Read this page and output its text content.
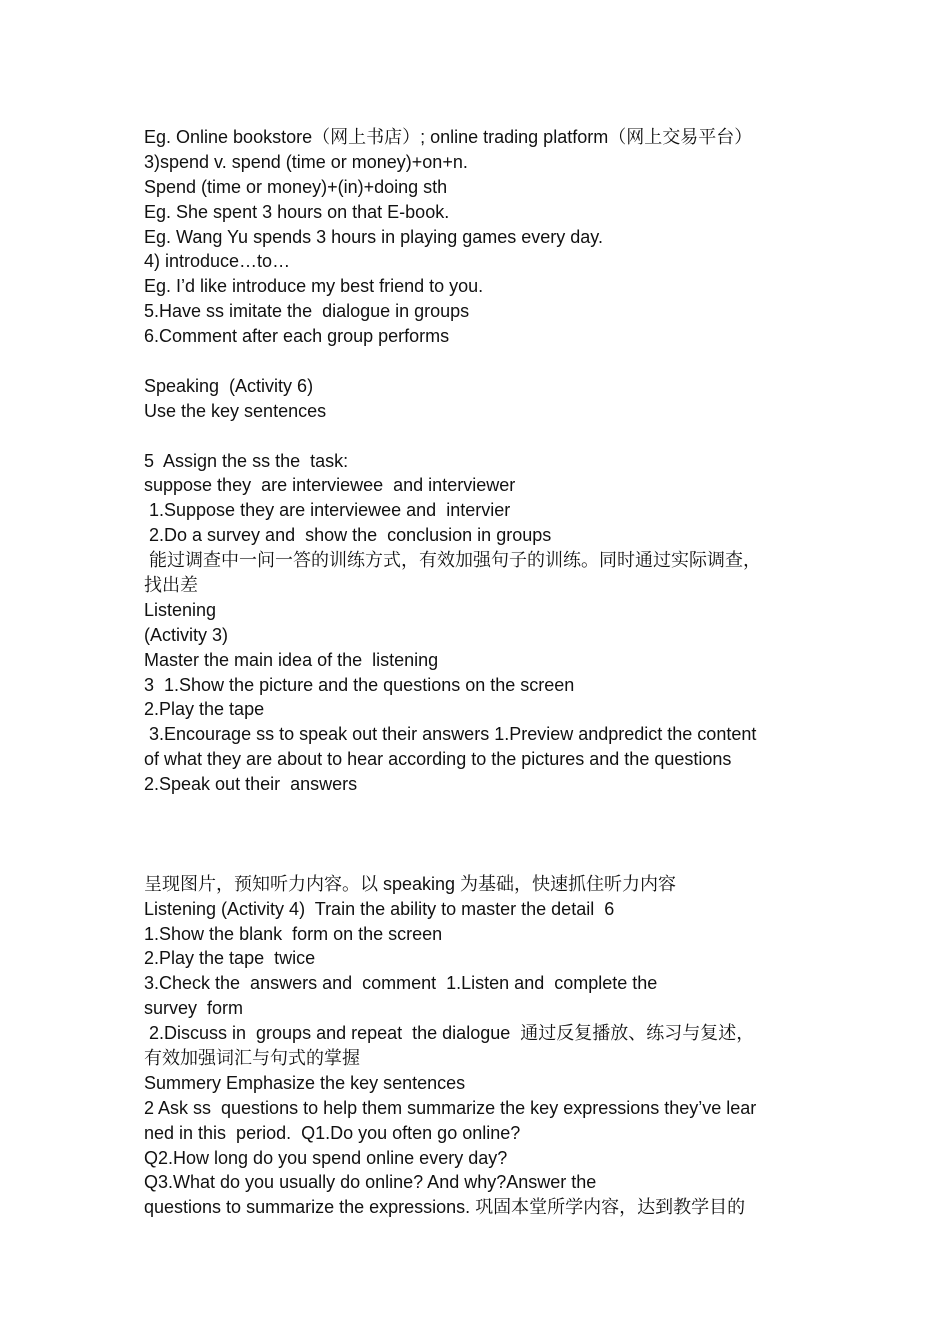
Eg. Online bookstore（网上书店）; online trading platform（网上交易平台）
3)spend v. spend (time or money)+on+n.
Spend (time or money)+(in)+doing sth
Eg. She spent 3 hours on that E-book.
Eg. Wang Yu spends 3 hours in playing games every day.
4) introduce…to…
Eg. I’d like introduce my best friend to you.
5.Have ss imitate the  dialogue in groups
6.Comment after each group performs
Speaking  (Activity 6)
Use the key sentences
5  Assign the ss the  task:
suppose they  are interviewee  and interviewer
1.Suppose they are interviewee and  intervier
2.Do a survey and  show the  conclusion in groups
能过调查中一问一答的训练方式，有效加强句子的训练。同时通过实际调查，
找出差
Listening
(Activity 3)
Master the main idea of the  listening
3  1.Show the picture and the questions on the screen
2.Play the tape
3.Encourage ss to speak out their answers 1.Preview andpredict the content
of what they are about to hear according to the pictures and the questions
2.Speak out their  answers
呈现图片，预知听力内容。以 speaking 为基础，快速抓住听力内容
Listening (Activity 4)  Train the ability to master the detail  6
1.Show the blank  form on the screen
2.Play the tape  twice
3.Check the  answers and  comment  1.Listen and  complete the
survey  form
2.Discuss in  groups and repeat  the dialogue  通过反复播放、练习与复述，
有效加强词汇与句式的掌握
Summery Emphasize the key sentences
2 Ask ss  questions to help them summarize the key expressions they’ve lear
ned in this  period.  Q1.Do you often go online?
Q2.How long do you spend online every day?
Q3.What do you usually do online? And why?Answer the
questions to summarize the expressions. 巩固本堂所学内容，达到教学目的
